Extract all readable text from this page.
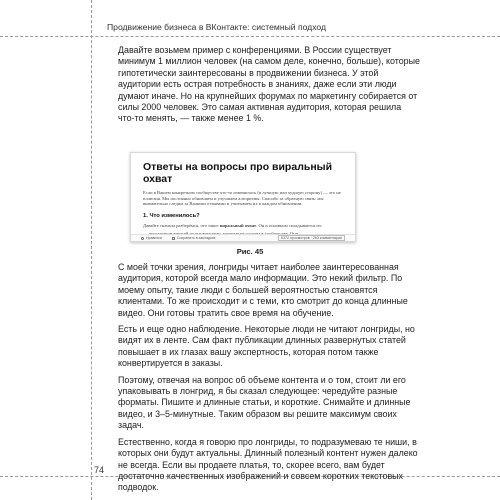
Продвижение бизнеса в ВКонтакте: системный подход

Давайте возьмем пример с конференциями. В России существует минимум 1 миллион человек (на самом деле, конечно, больше), которые гипотетически заинтересованы в продвижении бизнеса. У этой аудитории есть острая потребность в знаниях, даже если эти люди думают иначе. Но на крупнейших форумах по маркетингу собирается от силы 2000 человек. Это самая активная аудитория, которая решила что-то менять, — также менее 1 %.

Ответы на вопросы про виральный охват
Если в Вашем конкретном сообществе что-то изменилось (в лучшую или худшую сторону) — это не иллюзия. Мы постоянно обновляем и улучшаем алгоритмы. Спасибо за обратную связь: мы внимательно следим за Вашими отзывами и учитываем их в каждом обновлении.
1. Что изменилось?
Давайте сначала разберёмся, что такое виральный охват. Он в основном складывается из:
Нравится	Сохранить в закладках	6372 просмотров · 263 комментария
Рис. 45

С моей точки зрения, лонгриды читает наиболее заинтересованная аудитория, которой всегда мало информации. Это некий фильтр. По моему опыту, такие люди с большей вероятностью становятся клиентами. То же происходит и с теми, кто смотрит до конца длинные видео. Они готовы тратить свое время на обучение.

Есть и еще одно наблюдение. Некоторые люди не читают лонгриды, но видят их в ленте. Сам факт публикации длинных развернутых статей повышает в их глазах вашу экспертность, которая потом также конвертируется в заказы.

Поэтому, отвечая на вопрос об объеме контента и о том, стоит ли его упаковывать в лонгрид, я бы сказал следующее: чередуйте разные форматы. Пишите и длинные статьи, и короткие. Снимайте и длинные видео, и 3–5-минутные. Таким образом вы решите максимум своих задач.

Естественно, когда я говорю про лонгриды, то подразумеваю те ниши, в которых они будут актуальны. Длинный полезный контент нужен далеко не всегда. Если вы продаете платья, то, скорее всего, вам будет достаточно качественных изображений и совсем коротких текстовых подводок.

74
